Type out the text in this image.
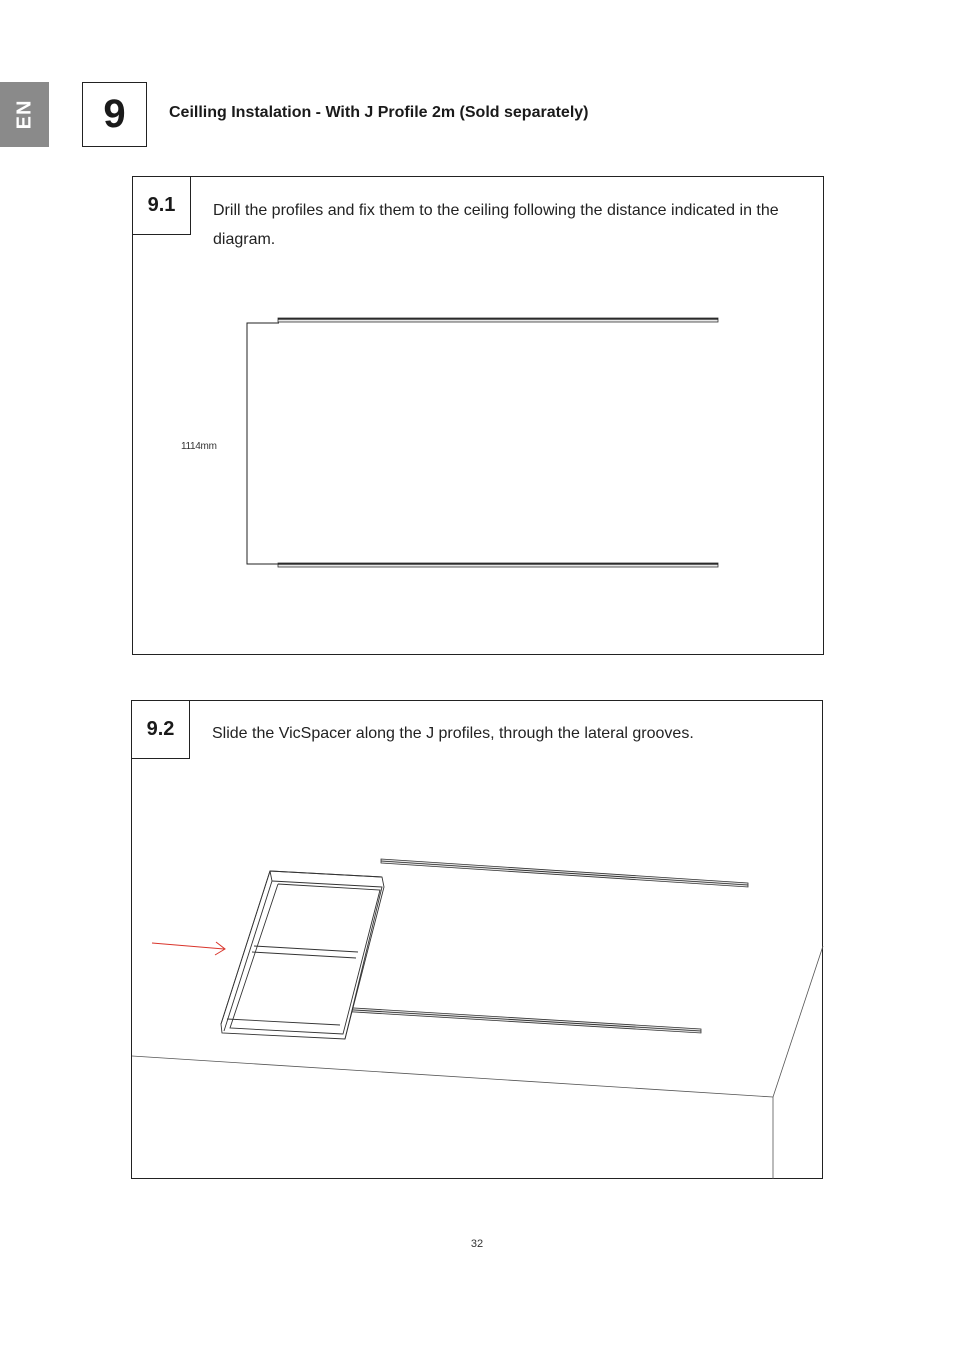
EN 9	Ceilling Instalation - With J Profile 2m (Sold separately)
9.1 Drill the profiles and fix them to the ceiling following the distance indicated in the diagram.
1114mm
9.2 Slide the VicSpacer along the J profiles, through the lateral grooves.
32
